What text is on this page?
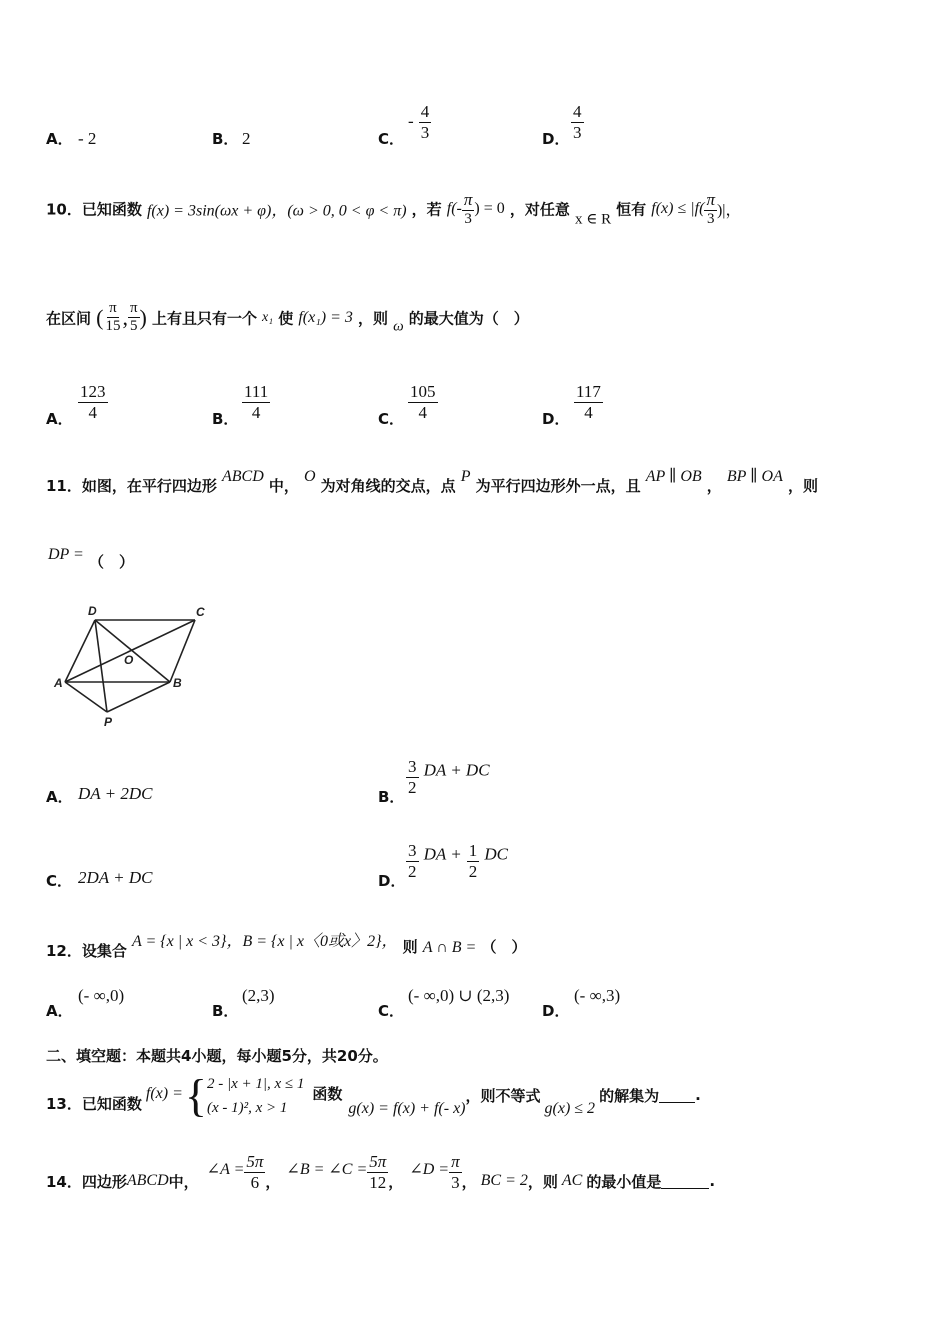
A． - 2	B． 2	C．
- $\frac{4}{3}$	D． $\frac{4}{3}$
10．已知函数 f(x) = 3sin(ωx + φ)，(ω > 0, 0 < φ < π) ，若 $f(- \frac{\pi}{3}$ ) = 0 ，对任意 x ∈ R 恒有 $f(x) \le |f( \frac{\pi}{3}$ )|，
在区间 ( $\frac{\pi}{15}$ , $\frac{\pi}{5}$ ) 上有且只有一个 x₁ 使 f(x₁) = 3 ，则 ω 的最大值为（　）
A． $\frac{123}{4}$	B． $\frac{111}{4}$	C． $\frac{105}{4}$	D． $\frac{117}{4}$
11．如图，在平行四边形 ABCD 中， O 为对角线的交点，点 P 为平行四边形外一点，且 AP ∥ OB ， BP ∥ OA ，则
DP = （　）
D	C
A	B
O
P
A． DA + 2DC	B． $\frac{3}{2}$ DA + DC
C． 2DA + DC	D． $\frac{3}{2}$ DA + $\frac{1}{2}$ DC
12．设集合 A = {x | x < 3}，B = {x | x〈0或x〉2}， 则 A ∩ B = （　）
A．
(- ∞,0)
B．
(2,3)
C．
(- ∞,0) ∪ (2,3)
D．
(- ∞,3)
二、填空题：本题共4小题，每小题5分，共20分。
13．已知函数
f(x) = { 2 - |x + 1|, x ≤ 1
(x - 1)², x > 1
函数
g(x) = f(x) + f(- x)
，则不等式
g(x) ≤ 2
的解集为 .
14．四边形 ABCD 中，
∠A = $\frac{5\pi}{6}$ ，
∠B = ∠C = $\frac{5\pi}{12}$ ，
∠D = $\frac{\pi}{3}$ ， BC = 2 ，则 AC 的最小值是	.
